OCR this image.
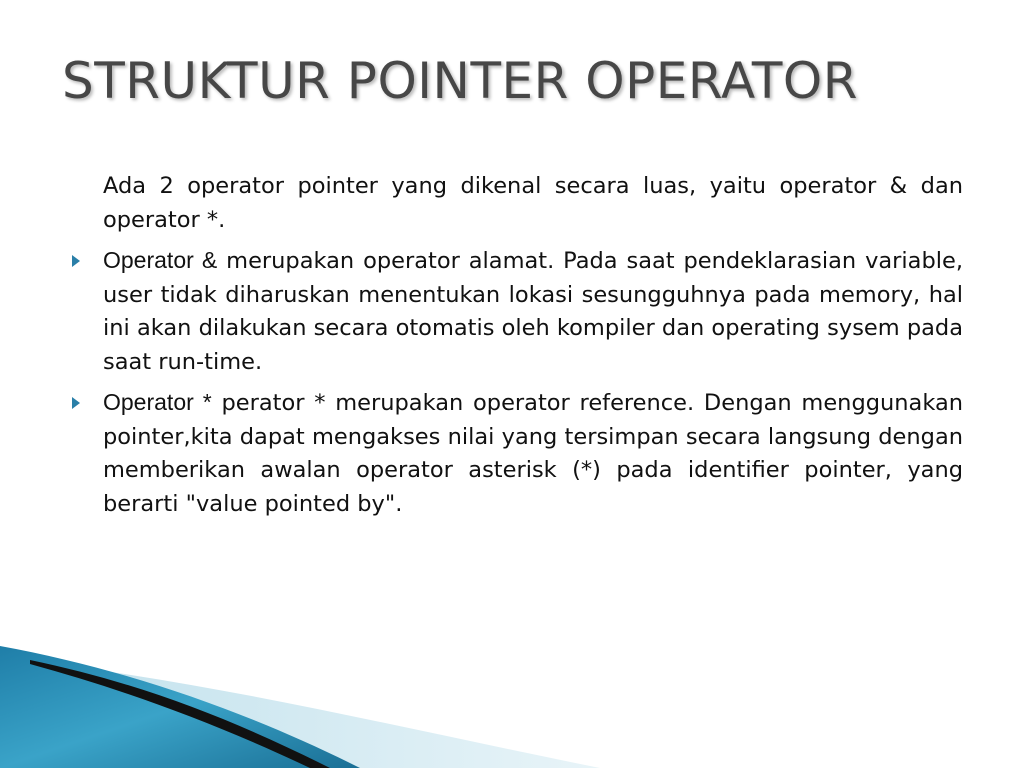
STRUKTUR POINTER OPERATOR

Ada 2 operator pointer yang dikenal secara luas, yaitu operator & dan operator *.

Operator & merupakan operator alamat. Pada saat pendeklarasian variable, user tidak diharuskan menentukan lokasi sesungguhnya pada memory, hal ini akan dilakukan secara otomatis oleh kompiler dan operating sysem pada saat run-time.

Operator * perator * merupakan operator reference. Dengan menggunakan pointer,kita dapat mengakses nilai yang tersimpan secara langsung dengan memberikan awalan operator asterisk (*) pada identifier pointer, yang berarti "value pointed by".
